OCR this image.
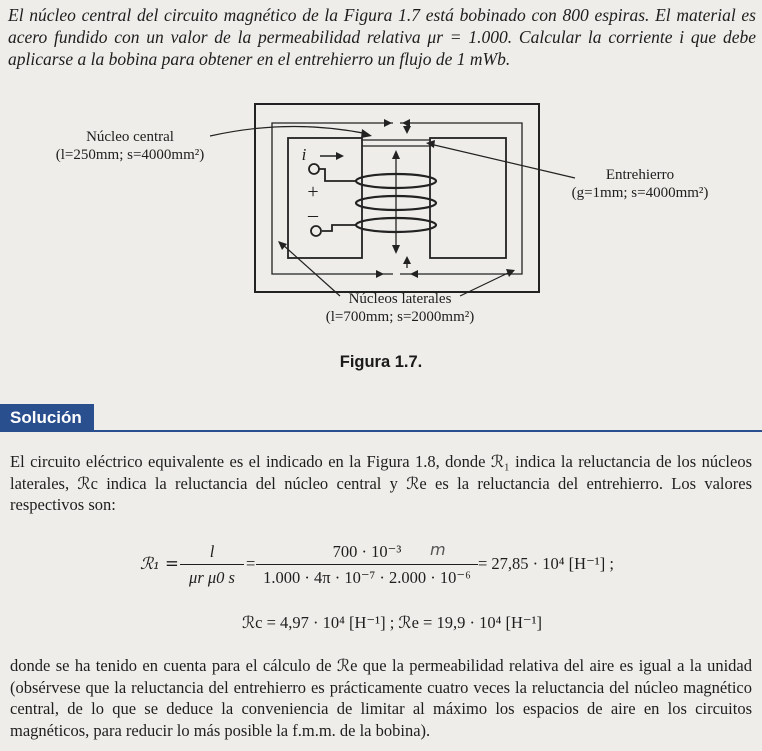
El núcleo central del circuito magnético de la Figura 1.7 está bobinado con 800 espiras. El material es acero fundido con un valor de la permeabilidad relativa μr = 1.000. Calcular la corriente i que debe aplicarse a la bobina para obtener en el entrehierro un flujo de 1 mWb.
Núcleo central
(l=250mm; s=4000mm²)
Entrehierro
(g=1mm; s=4000mm²)
Núcleos laterales
(l=700mm; s=2000mm²)
i
+
–
Figura 1.7.
Solución
El circuito eléctrico equivalente es el indicado en la Figura 1.8, donde ℛ₁ indica la reluctancia de los núcleos laterales, ℛc indica la reluctancia del núcleo central y ℛe es la reluctancia del entrehierro. Los valores respectivos son:
ℛ₁ =
l
μr μ0 s
=
700 · 10⁻³
1.000 · 4π · 10⁻⁷ · 2.000 · 10⁻⁶
m
= 27,85 · 10⁴ [H⁻¹] ;
ℛc = 4,97 · 10⁴ [H⁻¹] ; ℛe = 19,9 · 10⁴ [H⁻¹]
donde se ha tenido en cuenta para el cálculo de ℛe que la permeabilidad relativa del aire es igual a la unidad (obsérvese que la reluctancia del entrehierro es prácticamente cuatro veces la reluctancia del núcleo magnético central, de lo que se deduce la conveniencia de limitar al máximo los espacios de aire en los circuitos magnéticos, para reducir lo más posible la f.m.m. de la bobina).
